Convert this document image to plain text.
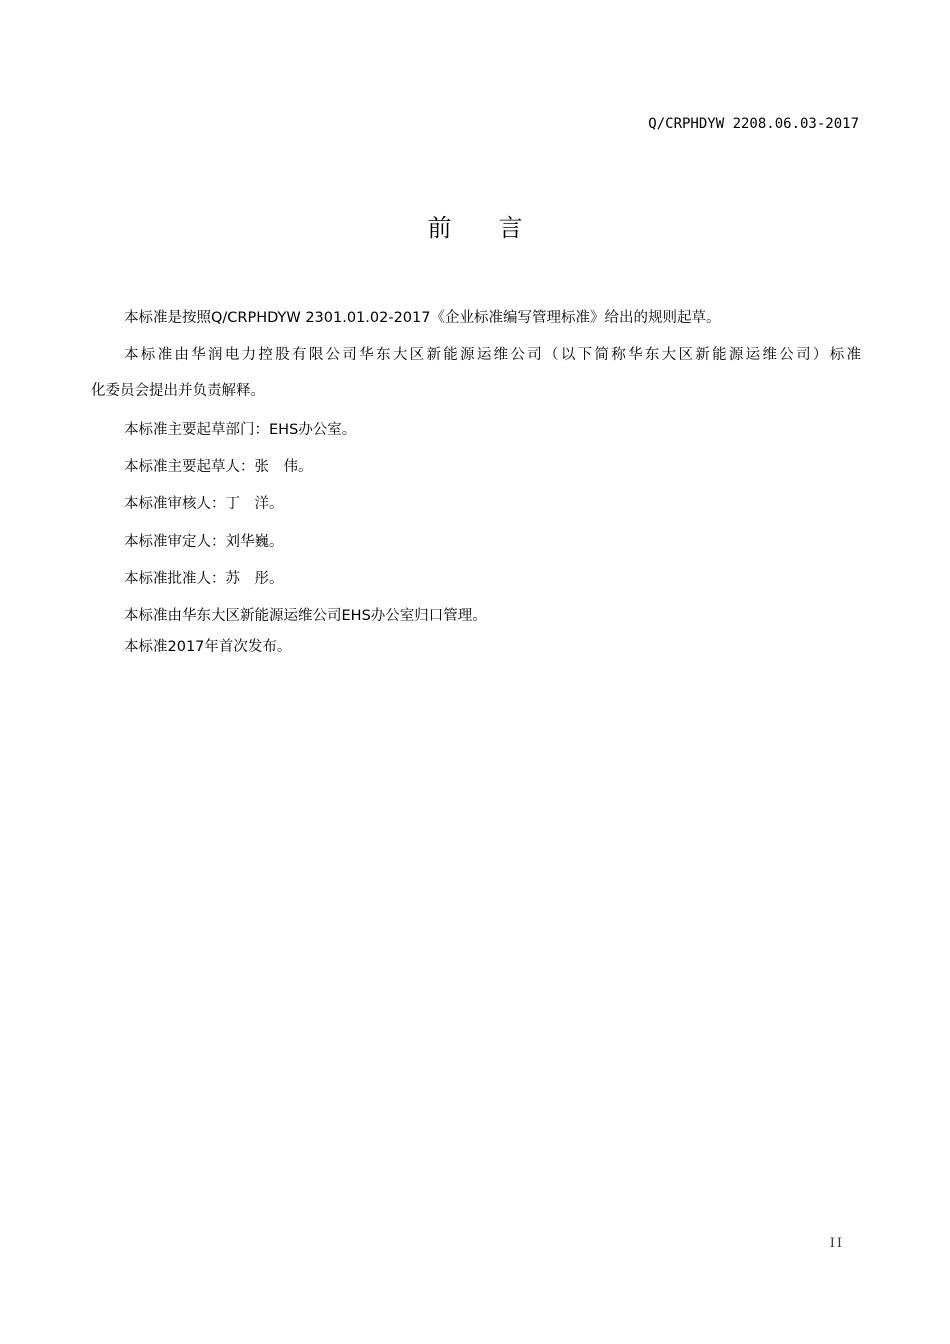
Q/CRPHDYW 2208.06.03-2017
前言
本标准是按照Q/CRPHDYW 2301.01.02-2017《企业标准编写管理标准》给出的规则起草。
本标准由华润电力控股有限公司华东大区新能源运维公司（以下简称华东大区新能源运维公司）标准
化委员会提出并负责解释。
本标准主要起草部门：EHS办公室。
本标准主要起草人：张　伟。
本标准审核人：丁　洋。
本标准审定人：刘华巍。
本标准批准人：苏　彤。
本标准由华东大区新能源运维公司EHS办公室归口管理。
本标准2017年首次发布。
II
